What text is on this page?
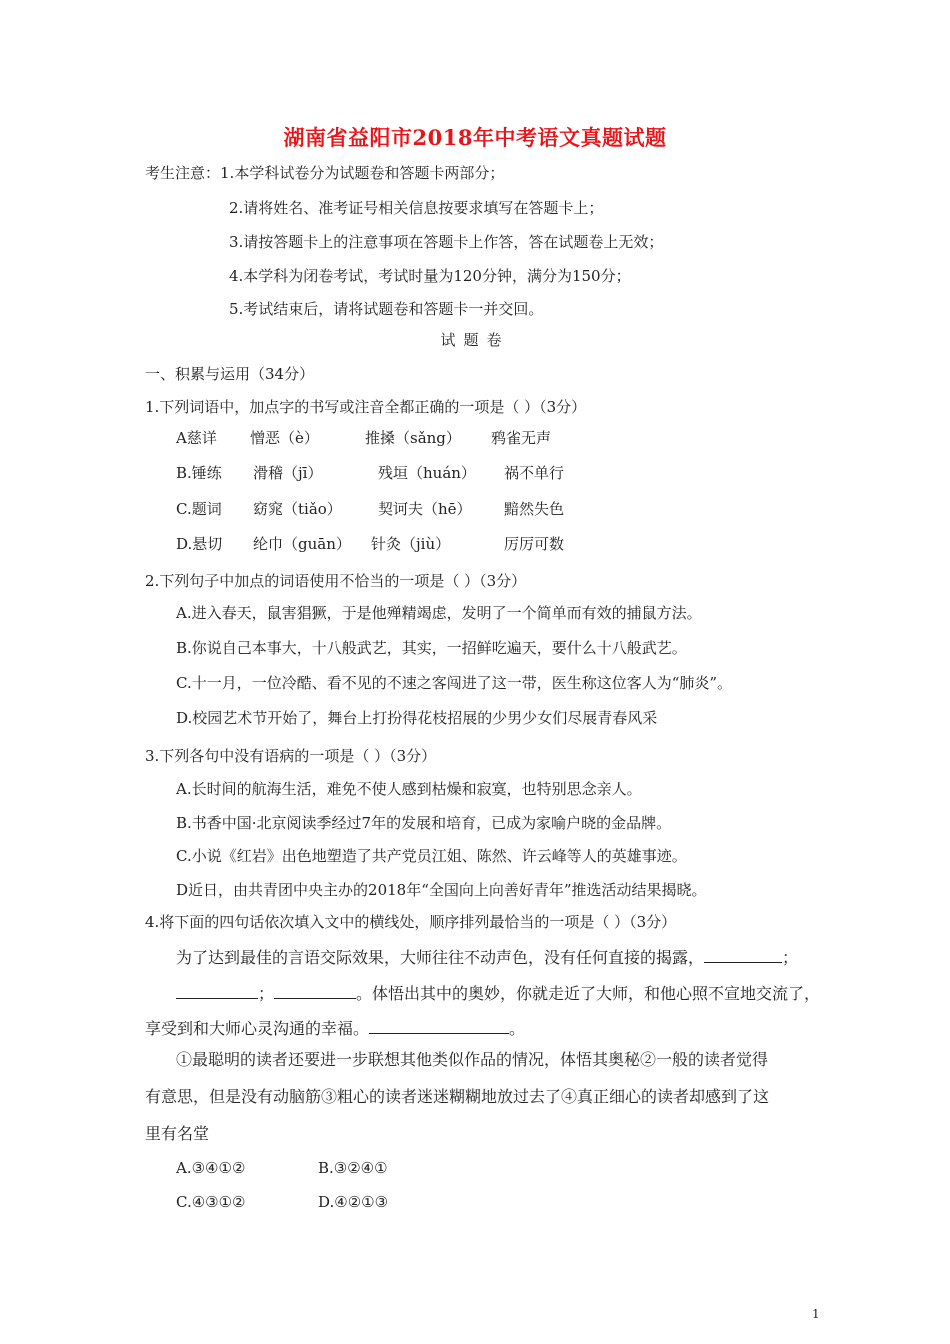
湖南省益阳市2018年中考语文真题试题
考生注意：1.本学科试卷分为试题卷和答题卡两部分；
2.请将姓名、准考证号相关信息按要求填写在答题卡上；
3.请按答题卡上的注意事项在答题卡上作答，答在试题卷上无效；
4.本学科为闭卷考试，考试时量为120分钟，满分为150分；
5.考试结束后，请将试题卷和答题卡一并交回。
试题卷
一、积累与运用（34分）
1.下列词语中，加点字的书写或注音全都正确的一项是（ ）（3分）
A慈详 憎恶（è）	推搡（sǎng） 鸦雀无声
B.锤练 滑稽（jī）	残垣（huán） 祸不单行
C.题词 窈窕（tiǎo） 契诃夫（hē） 黯然失色
D.悬切 纶巾（guān） 针灸（jiù）	厉厉可数
2.下列句子中加点的词语使用不恰当的一项是（ ）（3分）
A.进入春天，鼠害猖獗，于是他殚精竭虑，发明了一个简单而有效的捕鼠方法。
B.你说自己本事大，十八般武艺，其实，一招鲜吃遍天，要什么十八般武艺。
C.十一月，一位冷酷、看不见的不速之客闯进了这一带，医生称这位客人为“肺炎”。
D.校园艺术节开始了，舞台上打扮得花枝招展的少男少女们尽展青春风采
3.下列各句中没有语病的一项是（ ）（3分）
A.长时间的航海生活，难免不使人感到枯燥和寂寞，也特别思念亲人。
B.书香中国·北京阅读季经过7年的发展和培育，已成为家喻户晓的金品牌。
C.小说《红岩》出色地塑造了共产党员江姐、陈然、许云峰等人的英雄事迹。
D近日，由共青团中央主办的2018年“全国向上向善好青年”推选活动结果揭晓。
4.将下面的四句话依次填入文中的横线处，顺序排列最恰当的一项是（ ）（3分）
为了达到最佳的言语交际效果，大师往往不动声色，没有任何直接的揭露，	；
；	。体悟出其中的奥妙，你就走近了大师，和他心照不宣地交流了，
享受到和大师心灵沟通的幸福。	。
①最聪明的读者还要进一步联想其他类似作品的情况，体悟其奥秘②一般的读者觉得
有意思，但是没有动脑筋③粗心的读者迷迷糊糊地放过去了④真正细心的读者却感到了这
里有名堂
A.③④①②	B.③②④①
C.④③①②	D.④②①③
1
